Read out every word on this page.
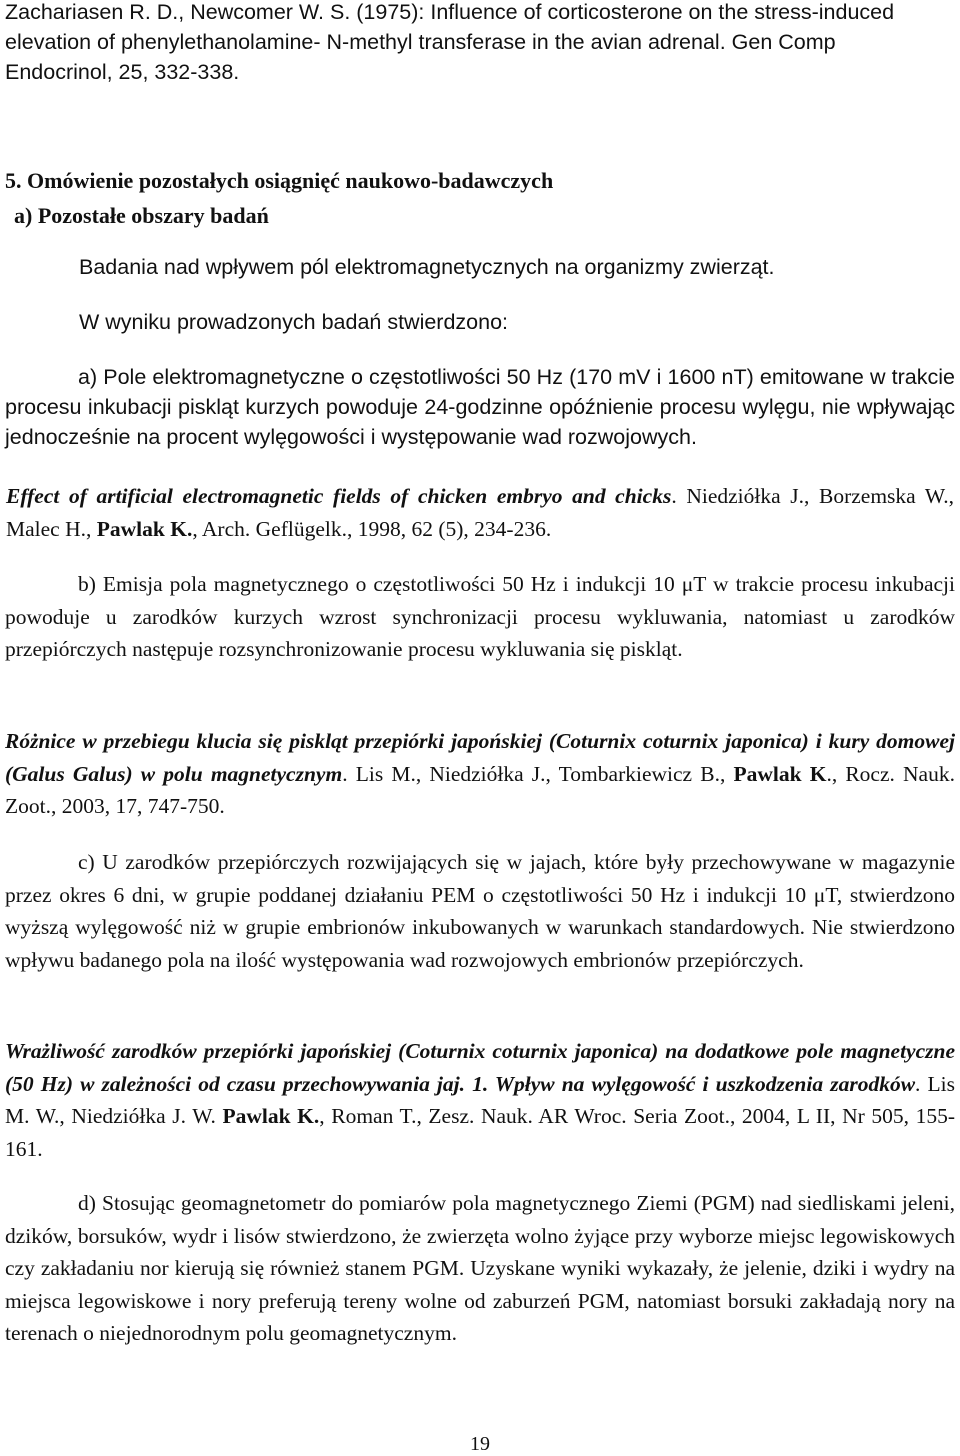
Zachariasen R. D., Newcomer W. S. (1975): Influence of corticosterone on the stress-induced
elevation of phenylethanolamine- N-methyl transferase in the avian adrenal. Gen Comp
Endocrinol, 25, 332-338.
5. Omówienie pozostałych osiągnięć naukowo-badawczych
a) Pozostałe obszary badań
Badania nad wpływem pól elektromagnetycznych na organizmy zwierząt.
W wyniku prowadzonych badań stwierdzono:
a) Pole elektromagnetyczne o częstotliwości 50 Hz (170 mV i 1600 nT) emitowane w trakcie procesu inkubacji piskląt kurzych powoduje 24-godzinne opóźnienie procesu wylęgu, nie wpływając jednocześnie na procent wylęgowości i występowanie wad rozwojowych.
Effect of artificial electromagnetic fields of chicken embryo and chicks. Niedziółka J., Borzemska W., Malec H., Pawlak K., Arch. Geflügelk., 1998, 62 (5), 234-236.
b) Emisja pola magnetycznego o częstotliwości 50 Hz i indukcji 10 μT w trakcie procesu inkubacji powoduje u zarodków kurzych wzrost synchronizacji procesu wykluwania, natomiast u zarodków przepiórczych następuje rozsynchronizowanie procesu wykluwania się piskląt.
Różnice w przebiegu klucia się piskląt przepiórki japońskiej (Coturnix coturnix japonica) i kury domowej (Galus Galus) w polu magnetycznym. Lis M., Niedziółka J., Tombarkiewicz B., Pawlak K., Rocz. Nauk. Zoot., 2003, 17, 747-750.
c) U zarodków przepiórczych rozwijających się w jajach, które były przechowywane w magazynie przez okres 6 dni, w grupie poddanej działaniu PEM o częstotliwości 50 Hz i indukcji 10 μT, stwierdzono wyższą wylęgowość niż w grupie embrionów inkubowanych w warunkach standardowych. Nie stwierdzono wpływu badanego pola na ilość występowania wad rozwojowych embrionów przepiórczych.
Wrażliwość zarodków przepiórki japońskiej (Coturnix coturnix japonica) na dodatkowe pole magnetyczne (50 Hz) w zależności od czasu przechowywania jaj. 1. Wpływ na wylęgowość i uszkodzenia zarodków. Lis M. W., Niedziółka J. W. Pawlak K., Roman T., Zesz. Nauk. AR Wroc. Seria Zoot., 2004, L II, Nr 505, 155-161.
d) Stosując geomagnetometr do pomiarów pola magnetycznego Ziemi (PGM) nad siedliskami jeleni, dzików, borsuków, wydr i lisów stwierdzono, że zwierzęta wolno żyjące przy wyborze miejsc legowiskowych czy zakładaniu nor kierują się również stanem PGM. Uzyskane wyniki wykazały, że jelenie, dziki i wydry na miejsca legowiskowe i nory preferują tereny wolne od zaburzeń PGM, natomiast borsuki zakładają nory na terenach o niejednorodnym polu geomagnetycznym.
19
